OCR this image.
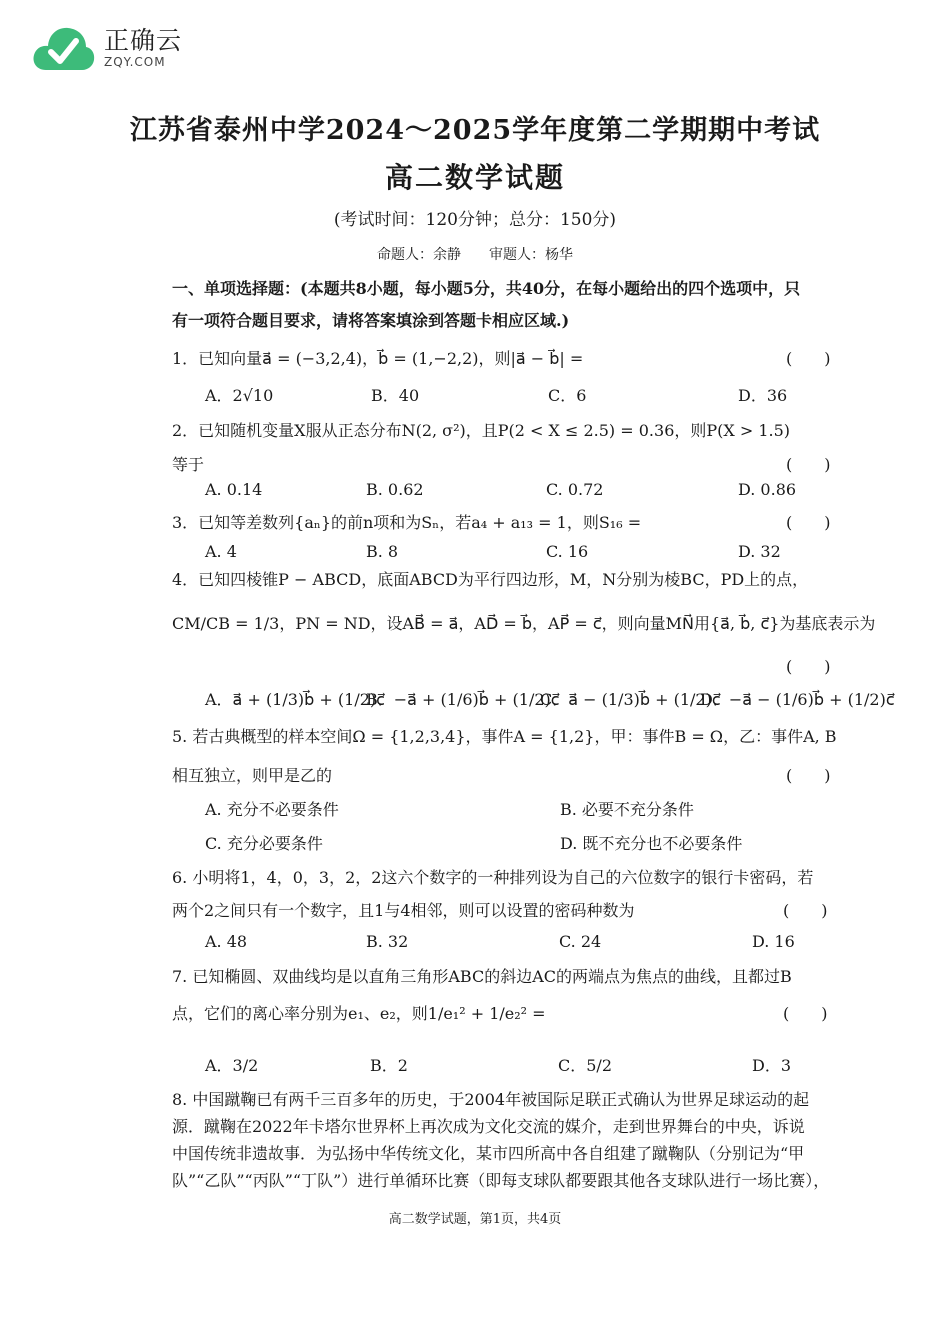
正确云
ZQY.COM
江苏省泰州中学2024～2025学年度第二学期期中考试
高二数学试题
(考试时间：120分钟；总分：150分)
命题人：余静　　审题人：杨华
一、单项选择题：(本题共8小题，每小题5分，共40分，在每小题给出的四个选项中，只
有一项符合题目要求，请将答案填涂到答题卡相应区域.)
1．已知向量a⃗ = (−3,2,4)，b⃗ = (1,−2,2)，则|a⃗ − b⃗| =	(　　)
A．2√10	B．40	C．6	D．36
2．已知随机变量X服从正态分布N(2, σ²)，且P(2 < X ≤ 2.5) = 0.36，则P(X > 1.5)
等于	(　　)
A. 0.14	B. 0.62	C. 0.72	D. 0.86
3．已知等差数列{aₙ}的前n项和为Sₙ，若a₄ + a₁₃ = 1，则S₁₆ =	(　　)
A. 4	B. 8	C. 16	D. 32
4．已知四棱锥P − ABCD，底面ABCD为平行四边形，M，N分别为棱BC，PD上的点，
CM/CB = 1/3，PN = ND，设AB⃗ = a⃗，AD⃗ = b⃗，AP⃗ = c⃗，则向量MN⃗用{a⃗, b⃗, c⃗}为基底表示为
(　　)
A．a⃗ + (1/3)b⃗ + (1/2)c⃗
B．−a⃗ + (1/6)b⃗ + (1/2)c⃗
C．a⃗ − (1/3)b⃗ + (1/2)c⃗
D．−a⃗ − (1/6)b⃗ + (1/2)c⃗
5. 若古典概型的样本空间Ω = {1,2,3,4}，事件A = {1,2}，甲：事件B = Ω，乙：事件A, B
相互独立，则甲是乙的	(　　)
A. 充分不必要条件	B. 必要不充分条件
C. 充分必要条件	D. 既不充分也不必要条件
6. 小明将1，4，0，3，2，2这六个数字的一种排列设为自己的六位数字的银行卡密码，若
两个2之间只有一个数字，且1与4相邻，则可以设置的密码种数为	(　　)
A. 48	B. 32	C. 24	D. 16
7. 已知椭圆、双曲线均是以直角三角形ABC的斜边AC的两端点为焦点的曲线，且都过B
点，它们的离心率分别为e₁、e₂，则1/e₁² + 1/e₂² =	(　　)
A．3/2	B．2	C．5/2	D．3
8. 中国蹴鞠已有两千三百多年的历史，于2004年被国际足联正式确认为世界足球运动的起
源．蹴鞠在2022年卡塔尔世界杯上再次成为文化交流的媒介，走到世界舞台的中央，诉说
中国传统非遗故事．为弘扬中华传统文化，某市四所高中各自组建了蹴鞠队（分别记为“甲
队”“乙队”“丙队”“丁队”）进行单循环比赛（即每支球队都要跟其他各支球队进行一场比赛），
高二数学试题，第1页，共4页
